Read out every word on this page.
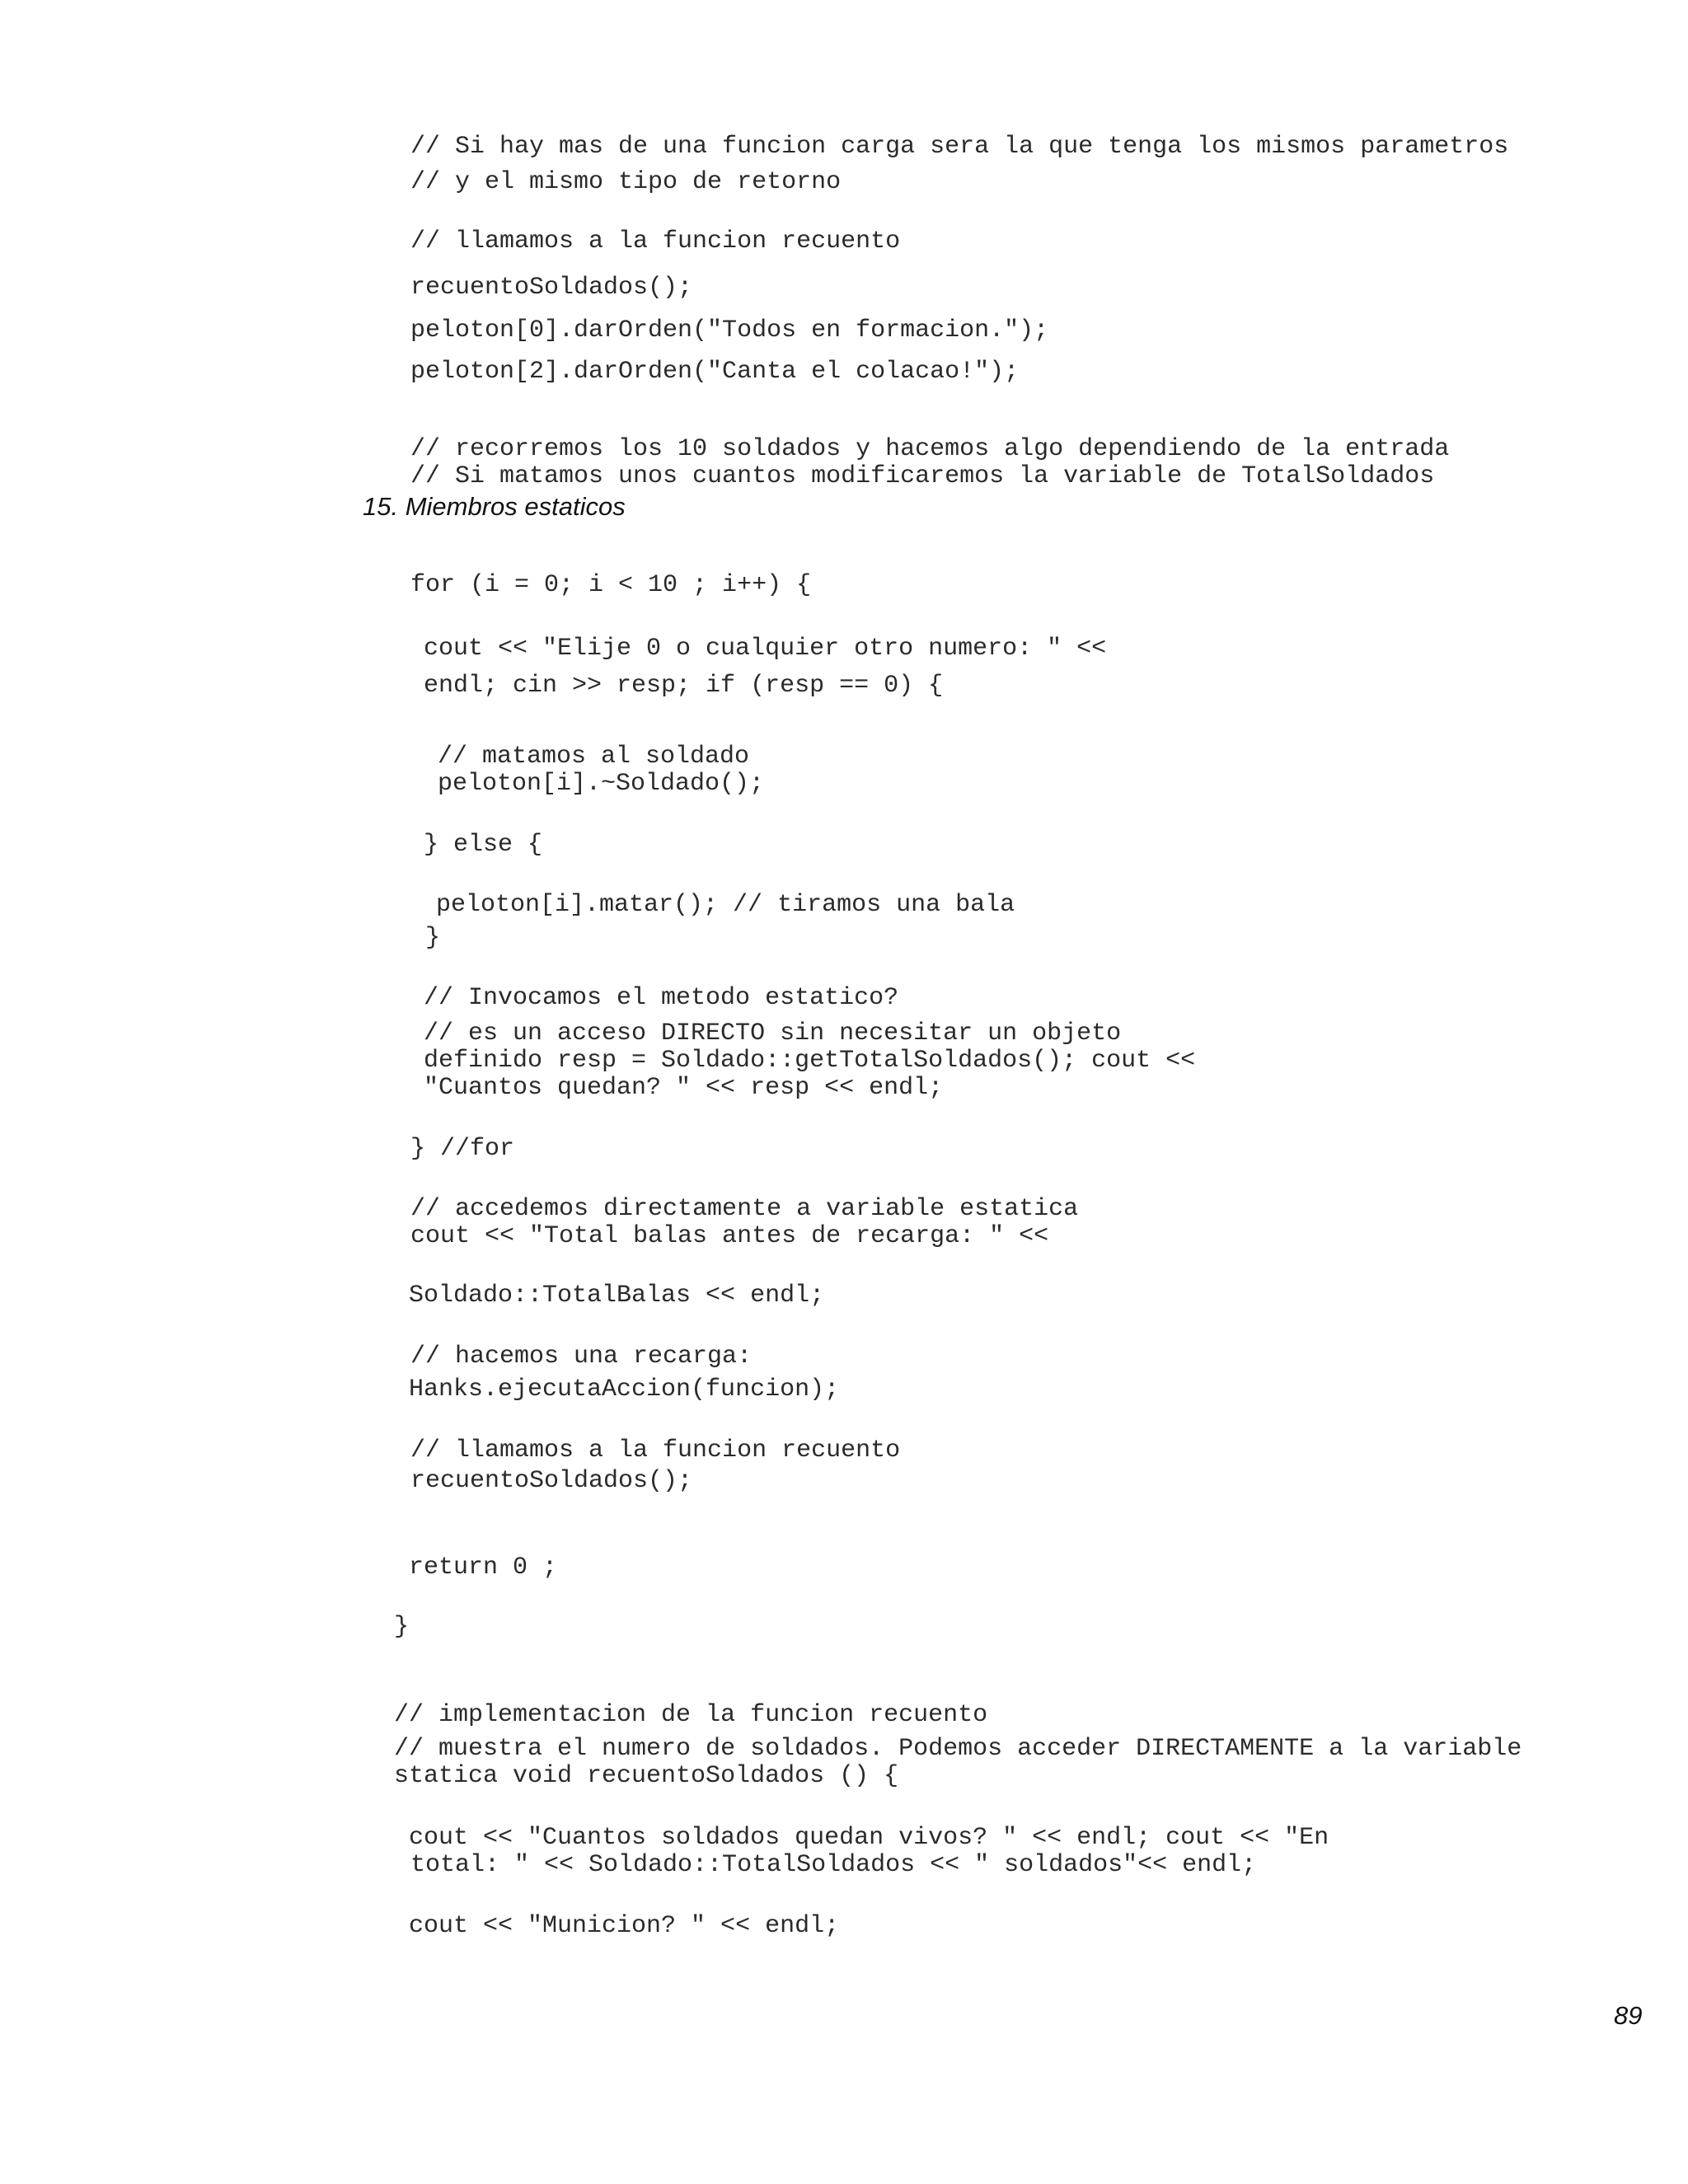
// Si hay mas de una funcion carga sera la que tenga los mismos parametros
// y el mismo tipo de retorno
// llamamos a la funcion recuento
recuentoSoldados();
peloton[0].darOrden("Todos en formacion.");
peloton[2].darOrden("Canta el colacao!");
// recorremos los 10 soldados y hacemos algo dependiendo de la entrada
// Si matamos unos cuantos modificaremos la variable de TotalSoldados
15. Miembros estaticos
for (i = 0; i < 10 ; i++) {
cout << "Elije 0 o cualquier otro numero: " <<
endl; cin >> resp; if (resp == 0) {
// matamos al soldado
peloton[i].~Soldado();
} else {
peloton[i].matar(); // tiramos una bala
}
// Invocamos el metodo estatico?
// es un acceso DIRECTO sin necesitar un objeto
definido resp = Soldado::getTotalSoldados(); cout <<
"Cuantos quedan? " << resp << endl;
} //for
// accedemos directamente a variable estatica
cout << "Total balas antes de recarga: " <<
Soldado::TotalBalas << endl;
// hacemos una recarga:
Hanks.ejecutaAccion(funcion);
// llamamos a la funcion recuento
recuentoSoldados();
return 0 ;
}
// implementacion de la funcion recuento
// muestra el numero de soldados. Podemos acceder DIRECTAMENTE a la variable
statica void recuentoSoldados () {
cout << "Cuantos soldados quedan vivos? " << endl; cout << "En
total: " << Soldado::TotalSoldados << " soldados"<< endl;
cout << "Municion? " << endl;
89
